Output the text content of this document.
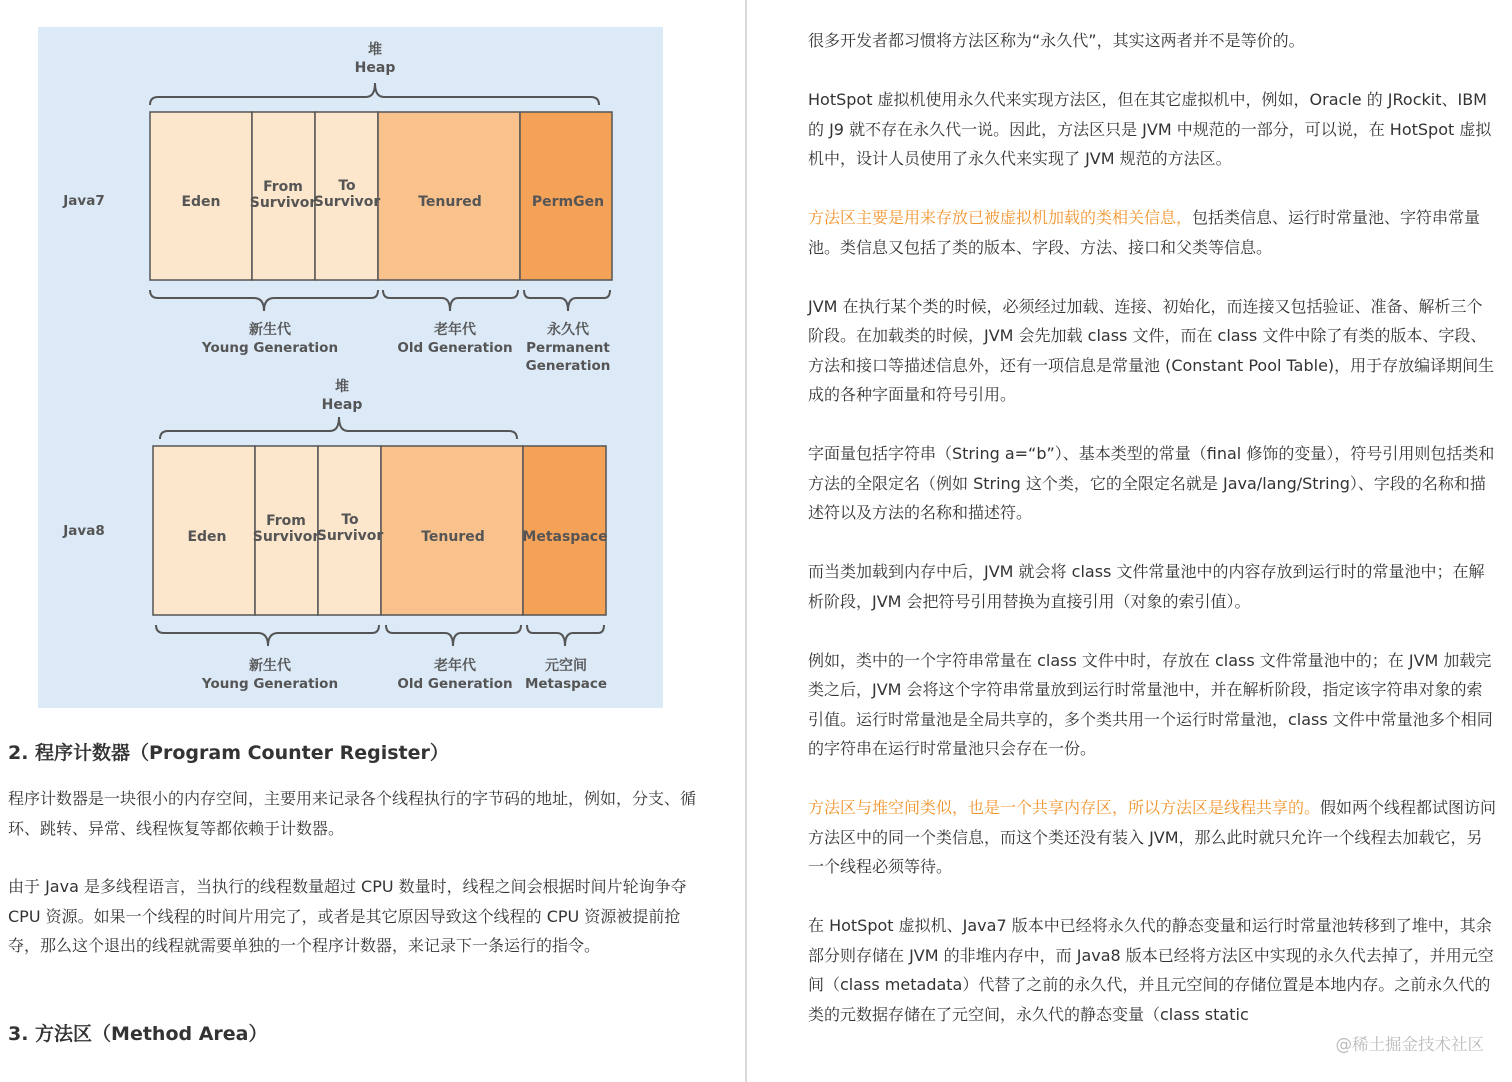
堆
Heap
Java7	Eden
From
Survivor
To
Survivor	Tenured	PermGen
新生代
Young Generation
老年代
Old Generation
永久代
Permanent
Generation
堆
Heap
Java8	Eden
From
Survivor
To
Survivor	Tenured	Metaspace
新生代
Young Generation
老年代
Old Generation
元空间
Metaspace
2. 程序计数器（Program Counter Register）

程序计数器是一块很小的内存空间，主要用来记录各个线程执行的字节码的地址，例如，分支、循环、跳转、异常、线程恢复等都依赖于计数器。

由于 Java 是多线程语言，当执行的线程数量超过 CPU 数量时，线程之间会根据时间片轮询争夺 CPU 资源。如果一个线程的时间片用完了，或者是其它原因导致这个线程的 CPU 资源被提前抢夺，那么这个退出的线程就需要单独的一个程序计数器，来记录下一条运行的指令。

3. 方法区（Method Area）

很多开发者都习惯将方法区称为“永久代”，其实这两者并不是等价的。

HotSpot 虚拟机使用永久代来实现方法区，但在其它虚拟机中，例如，Oracle 的 JRockit、IBM 的 J9 就不存在永久代一说。因此，方法区只是 JVM 中规范的一部分，可以说，在 HotSpot 虚拟机中，设计人员使用了永久代来实现了 JVM 规范的方法区。

方法区主要是用来存放已被虚拟机加载的类相关信息，包括类信息、运行时常量池、字符串常量池。类信息又包括了类的版本、字段、方法、接口和父类等信息。

JVM 在执行某个类的时候，必须经过加载、连接、初始化，而连接又包括验证、准备、解析三个阶段。在加载类的时候，JVM 会先加载 class 文件，而在 class 文件中除了有类的版本、字段、方法和接口等描述信息外，还有一项信息是常量池 (Constant Pool Table)，用于存放编译期间生成的各种字面量和符号引用。

字面量包括字符串（String a=“b”）、基本类型的常量（final 修饰的变量），符号引用则包括类和方法的全限定名（例如 String 这个类，它的全限定名就是 Java/lang/String）、字段的名称和描述符以及方法的名称和描述符。

而当类加载到内存中后，JVM 就会将 class 文件常量池中的内容存放到运行时的常量池中；在解析阶段，JVM 会把符号引用替换为直接引用（对象的索引值）。

例如，类中的一个字符串常量在 class 文件中时，存放在 class 文件常量池中的；在 JVM 加载完类之后，JVM 会将这个字符串常量放到运行时常量池中，并在解析阶段，指定该字符串对象的索引值。运行时常量池是全局共享的，多个类共用一个运行时常量池，class 文件中常量池多个相同的字符串在运行时常量池只会存在一份。

方法区与堆空间类似，也是一个共享内存区，所以方法区是线程共享的。假如两个线程都试图访问方法区中的同一个类信息，而这个类还没有装入 JVM，那么此时就只允许一个线程去加载它，另一个线程必须等待。

在 HotSpot 虚拟机、Java7 版本中已经将永久代的静态变量和运行时常量池转移到了堆中，其余部分则存储在 JVM 的非堆内存中，而 Java8 版本已经将方法区中实现的永久代去掉了，并用元空间（class metadata）代替了之前的永久代，并且元空间的存储位置是本地内存。之前永久代的类的元数据存储在了元空间，永久代的静态变量（class static

@稀土掘金技术社区
